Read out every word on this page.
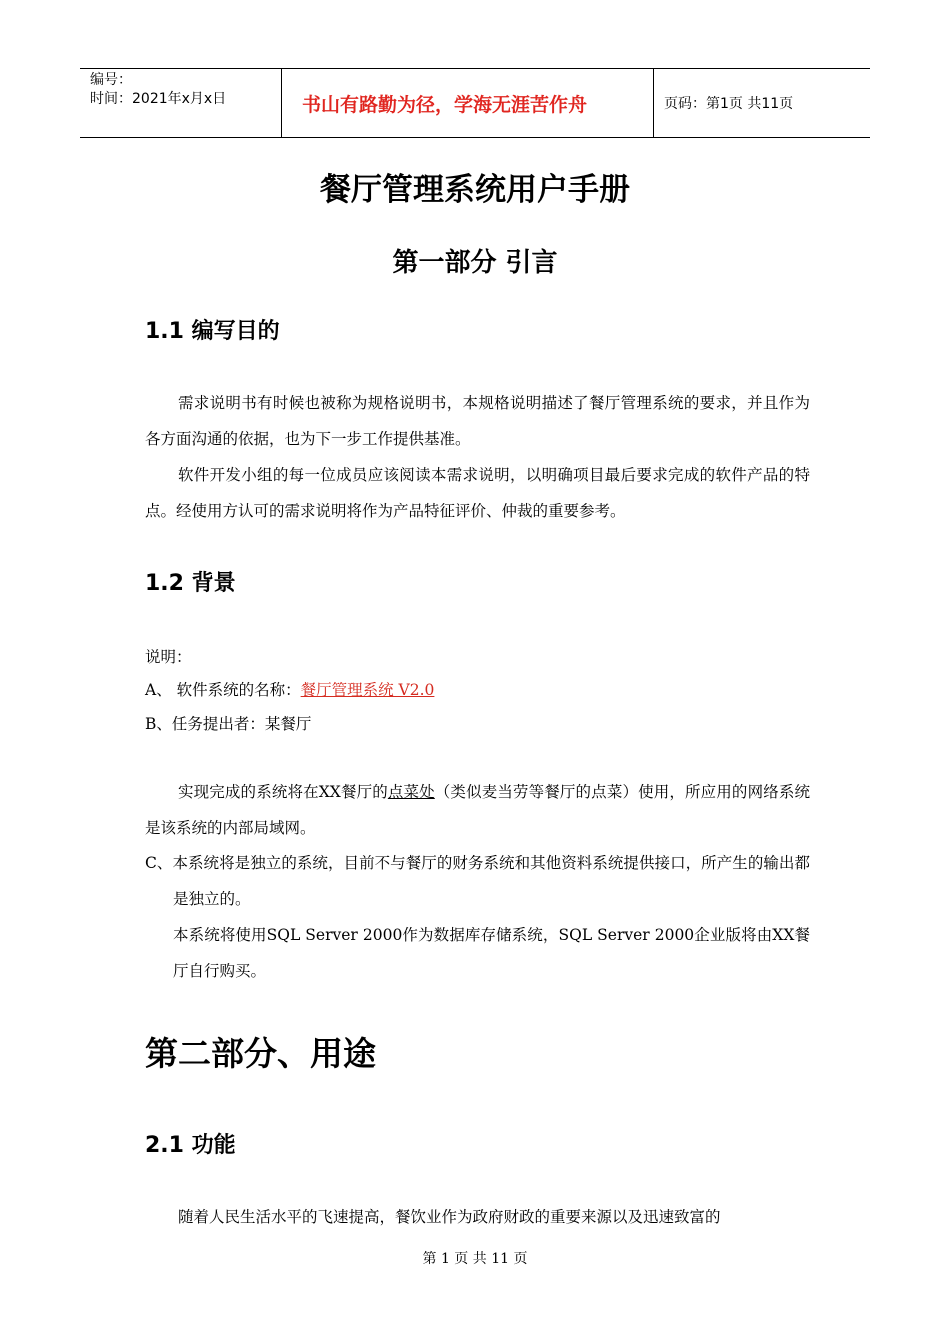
编号：
时间：2021年x月x日	书山有路勤为径，学海无涯苦作舟	页码：第1页 共11页
餐厅管理系统用户手册
第一部分 引言
1.1 编写目的
需求说明书有时候也被称为规格说明书，本规格说明描述了餐厅管理系统的要求，并且作为各方面沟通的依据，也为下一步工作提供基准。
软件开发小组的每一位成员应该阅读本需求说明，以明确项目最后要求完成的软件产品的特点。经使用方认可的需求说明将作为产品特征评价、仲裁的重要参考。
1.2 背景
说明：
A、 软件系统的名称：餐厅管理系统 V2.0
B、任务提出者：某餐厅
实现完成的系统将在XX餐厅的点菜处（类似麦当劳等餐厅的点菜）使用，所应用的网络系统是该系统的内部局域网。
C、本系统将是独立的系统，目前不与餐厅的财务系统和其他资料系统提供接口，所产生的输出都是独立的。
本系统将使用SQL Server 2000作为数据库存储系统，SQL Server 2000企业版将由XX餐厅自行购买。
第二部分、用途
2.1 功能
随着人民生活水平的飞速提高，餐饮业作为政府财政的重要来源以及迅速致富的
第 1 页 共 11 页
